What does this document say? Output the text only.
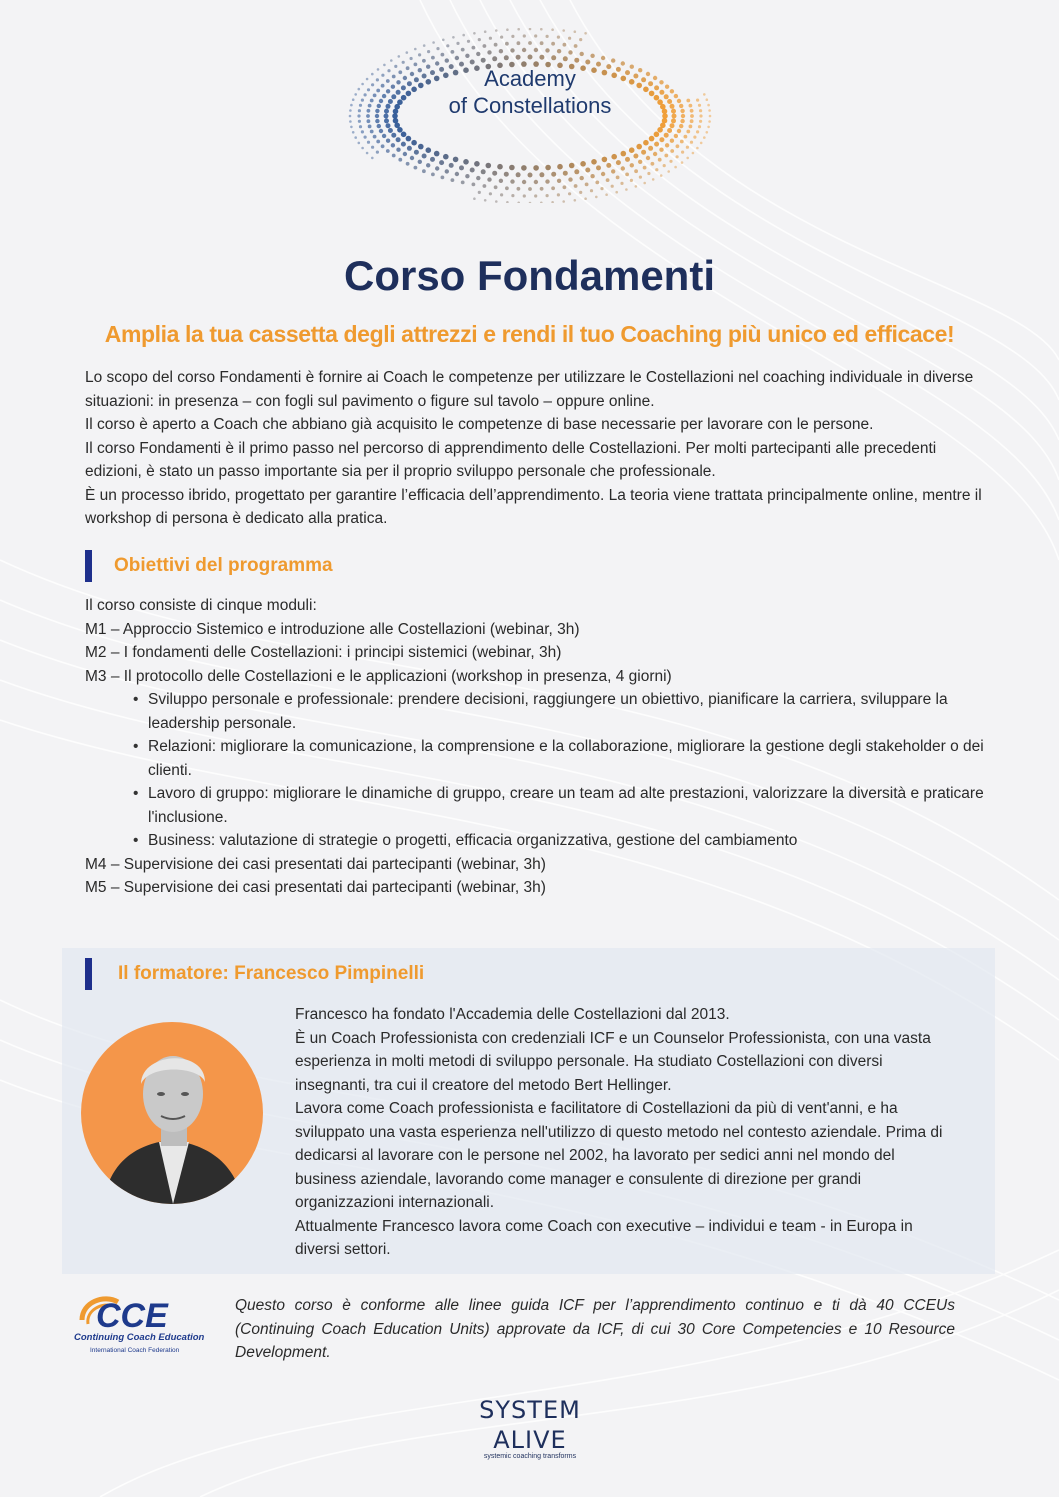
Academy
of Constellations
Corso Fondamenti
Amplia la tua cassetta degli attrezzi e rendi il tuo Coaching più unico ed efficace!

Lo scopo del corso Fondamenti è fornire ai Coach le competenze per utilizzare le Costellazioni nel coaching individuale in diverse situazioni: in presenza – con fogli sul pavimento o figure sul tavolo – oppure online.

Il corso è aperto a Coach che abbiano già acquisito le competenze di base necessarie per lavorare con le persone.

Il corso Fondamenti è il primo passo nel percorso di apprendimento delle Costellazioni. Per molti partecipanti alle precedenti edizioni, è stato un passo importante sia per il proprio sviluppo personale che professionale.

È un processo ibrido, progettato per garantire l’efficacia dell’apprendimento. La teoria viene trattata principalmente online, mentre il workshop di persona è dedicato alla pratica.

Obiettivi del programma

Il corso consiste di cinque moduli:

M1 – Approccio Sistemico e introduzione alle Costellazioni (webinar, 3h)

M2 – I fondamenti delle Costellazioni: i principi sistemici (webinar, 3h)

M3 – Il protocollo delle Costellazioni e le applicazioni (workshop in presenza, 4 giorni)

• Sviluppo personale e professionale: prendere decisioni, raggiungere un obiettivo, pianificare la carriera, sviluppare la leadership personale.
• Relazioni: migliorare la comunicazione, la comprensione e la collaborazione, migliorare la gestione degli stakeholder o dei clienti.
• Lavoro di gruppo: migliorare le dinamiche di gruppo, creare un team ad alte prestazioni, valorizzare la diversità e praticare l'inclusione.
• Business: valutazione di strategie o progetti, efficacia organizzativa, gestione del cambiamento

M4 – Supervisione dei casi presentati dai partecipanti (webinar, 3h)

M5 – Supervisione dei casi presentati dai partecipanti (webinar, 3h)

Il formatore: Francesco Pimpinelli

Francesco ha fondato l'Accademia delle Costellazioni dal 2013.

È un Coach Professionista con credenziali ICF e un Counselor Professionista, con una vasta esperienza in molti metodi di sviluppo personale. Ha studiato Costellazioni con diversi insegnanti, tra cui il creatore del metodo Bert Hellinger.

Lavora come Coach professionista e facilitatore di Costellazioni da più di vent'anni, e ha sviluppato una vasta esperienza nell'utilizzo di questo metodo nel contesto aziendale. Prima di dedicarsi al lavorare con le persone nel 2002, ha lavorato per sedici anni nel mondo del business aziendale, lavorando come manager e consulente di direzione per grandi organizzazioni internazionali.

Attualmente Francesco lavora come Coach con executive – individui e team - in Europa in diversi settori.

CCE
Continuing Coach Education
International Coach Federation
Questo corso è conforme alle linee guida ICF per l’apprendimento continuo e ti dà 40 CCEUs (Continuing Coach Education Units) approvate da ICF, di cui 30 Core Competencies e 10 Resource Development.
SYSTEM
ALIVE
systemic coaching transforms
